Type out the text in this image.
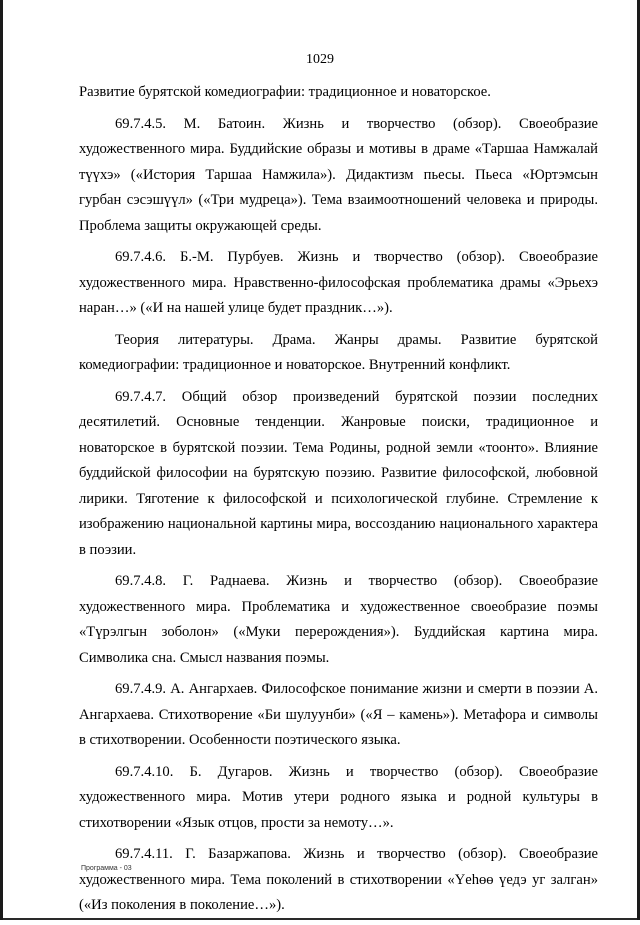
1029

Развитие бурятской комедиографии: традиционное и новаторское.

69.7.4.5. М. Батоин. Жизнь и творчество (обзор). Своеобразие художественного мира. Буддийские образы и мотивы в драме «Таршаа Намжалай түүхэ» («История Таршаа Намжила»). Дидактизм пьесы. Пьеса «Юртэмсын гурбан сэсэшүүл» («Три мудреца»). Тема взаимоотношений человека и природы. Проблема защиты окружающей среды.

69.7.4.6. Б.-М. Пурбуев. Жизнь и творчество (обзор). Своеобразие художественного мира. Нравственно-философская проблематика драмы «Эрьехэ наран…» («И на нашей улице будет праздник…»).

Теория литературы. Драма. Жанры драмы. Развитие бурятской комедиографии: традиционное и новаторское. Внутренний конфликт.

69.7.4.7. Общий обзор произведений бурятской поэзии последних десятилетий. Основные тенденции. Жанровые поиски, традиционное и новаторское в бурятской поэзии. Тема Родины, родной земли «тоонто». Влияние буддийской философии на бурятскую поэзию. Развитие философской, любовной лирики. Тяготение к философской и психологической глубине. Стремление к изображению национальной картины мира, воссозданию национального характера в поэзии.

69.7.4.8. Г. Раднаева. Жизнь и творчество (обзор). Своеобразие художественного мира. Проблематика и художественное своеобразие поэмы «Түрэлгын зоболон» («Муки перерождения»). Буддийская картина мира. Символика сна. Смысл названия поэмы.

69.7.4.9. А. Ангархаев. Философское понимание жизни и смерти в поэзии А. Ангархаева. Стихотворение «Би шулуунби» («Я – камень»). Метафора и символы в стихотворении. Особенности поэтического языка.

69.7.4.10. Б. Дугаров. Жизнь и творчество (обзор). Своеобразие художественного мира. Мотив утери родного языка и родной культуры в стихотворении «Язык отцов, прости за немоту…».

69.7.4.11. Г. Базаржапова. Жизнь и творчество (обзор). Своеобразие художественного мира. Тема поколений в стихотворении «Үеhөө үедэ уг залган» («Из поколения в поколение…»).

Программа - 03
